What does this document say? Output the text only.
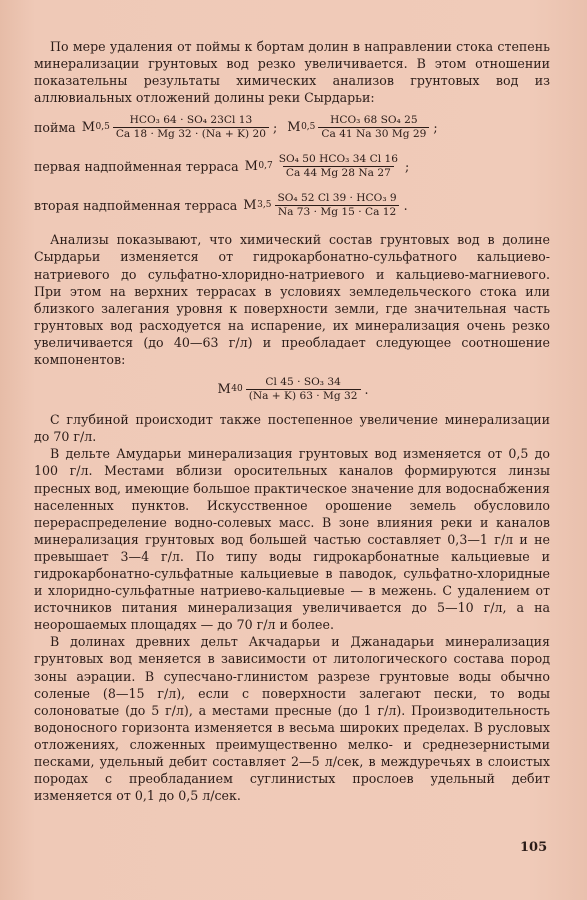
По мере удаления от поймы к бортам долин в направлении стока степень минерализации грунтовых вод резко увеличивается. В этом отношении показательны результаты химических анализов грунтовых вод из аллювиальных отложений долины реки Сырдарьи:

пойма M $0,5 \frac{\text{HCO₃ 64 · SO₄ 23Cl 13}}{Ca 18 \cdot Mg 32 \cdot (Na + K) 20}$ ; M $0,5 \frac{\text{HCO₃ 68 SO₄ 25}}{Ca 41 Na 30 Mg 29}$ ;
первая надпойменная терраса M $0,7 \frac{\text{SO₄ 50 HCO₃ 34 Cl 16}}{Ca 44 Mg 28 Na 27}$ ;
вторая надпойменная терраса M $3,5 \frac{\text{SO₄ 52 Cl 39 · HCO₃ 9}}{Na 73 \cdot Mg 15 \cdot Ca 12}$ .

Анализы показывают, что химический состав грунтовых вод в долине Сырдарьи изменяется от гидрокарбонатно-сульфатного кальциево-натриевого до сульфатно-хлоридно-натриевого и кальциево-магниевого. При этом на верхних террасах в условиях земледельческого стока или близкого залегания уровня к поверхности земли, где значительная часть грунтовых вод расходуется на испарение, их минерализация очень резко увеличивается (до 40—63 г/л) и преобладает следующее соотношение компонентов:

M $40 \frac{\text{Cl 45 · SO₃ 34}}{(Na + K) 63 \cdot Mg 32}$ .

С глубиной происходит также постепенное увеличение минерализации до 70 г/л.

В дельте Амударьи минерализация грунтовых вод изменяется от 0,5 до 100 г/л. Местами вблизи оросительных каналов формируются линзы пресных вод, имеющие большое практическое значение для водоснабжения населенных пунктов. Искусственное орошение земель обусловило перераспределение водно-солевых масс. В зоне влияния реки и каналов минерализация грунтовых вод большей частью составляет 0,3—1 г/л и не превышает 3—4 г/л. По типу воды гидрокарбонатные кальциевые и гидрокарбонатно-сульфатные кальциевые в паводок, сульфатно-хлоридные и хлоридно-сульфатные натриево-кальциевые — в межень. С удалением от источников питания минерализация увеличивается до 5—10 г/л, а на неорошаемых площадях — до 70 г/л и более.

В долинах древних дельт Акчадарьи и Джанадарьи минерализация грунтовых вод меняется в зависимости от литологического состава пород зоны аэрации. В супесчано-глинистом разрезе грунтовые воды обычно соленые (8—15 г/л), если с поверхности залегают пески, то воды солоноватые (до 5 г/л), а местами пресные (до 1 г/л). Производительность водоносного горизонта изменяется в весьма широких пределах. В русловых отложениях, сложенных преимущественно мелко- и среднезернистыми песками, удельный дебит составляет 2—5 л/сек, в междуречьях в слоистых породах с преобладанием суглинистых прослоев удельный дебит изменяется от 0,1 до 0,5 л/сек.

105
